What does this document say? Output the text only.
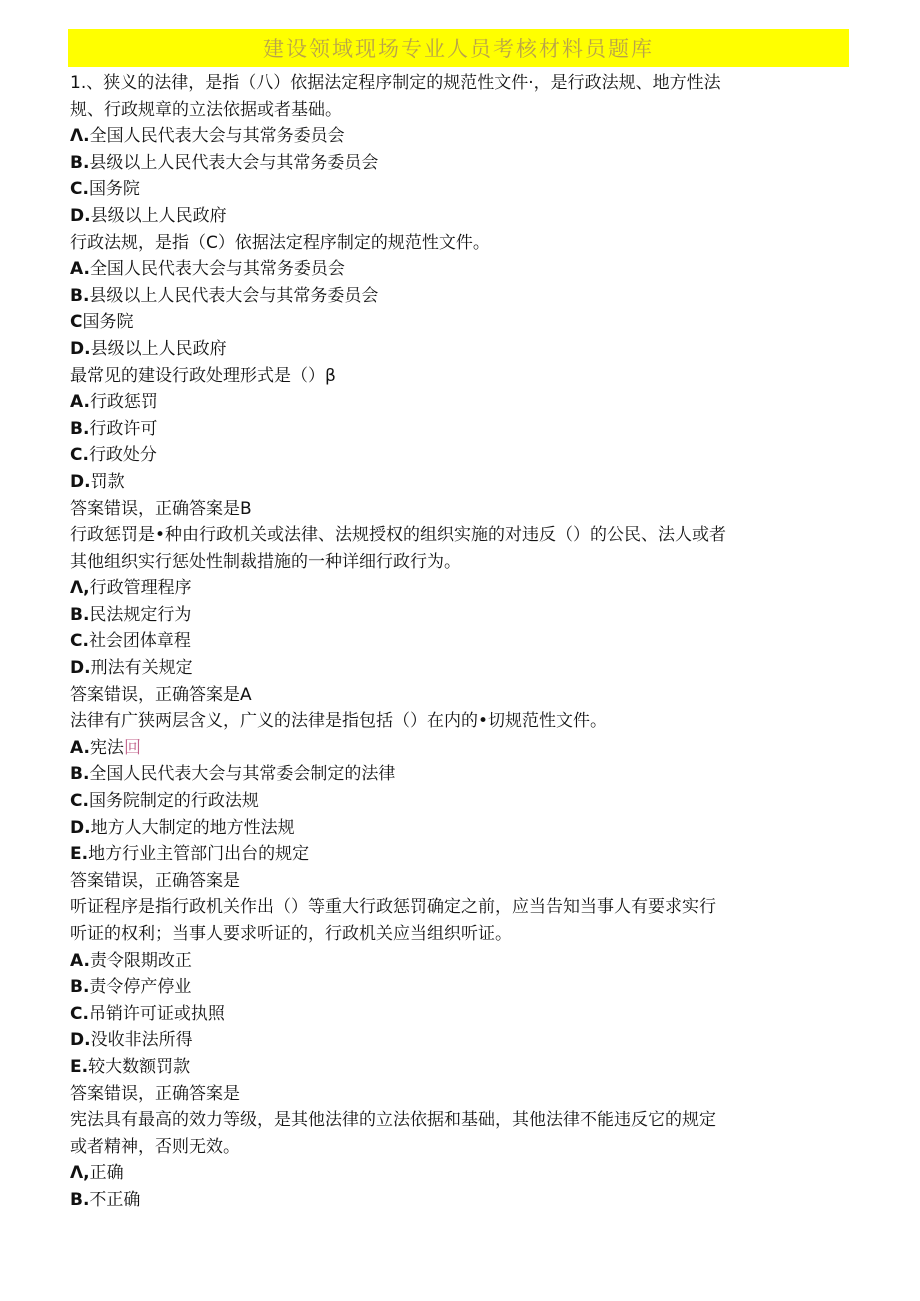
建设领域现场专业人员考核材料员题库
1.、狭义的法律，是指（八）依据法定程序制定的规范性文件·，是行政法规、地方性法
规、行政规章的立法依据或者基础。
Λ.全国人民代表大会与其常务委员会
B.县级以上人民代表大会与其常务委员会
C.国务院
D.县级以上人民政府
行政法规，是指（C）依据法定程序制定的规范性文件。
A.全国人民代表大会与其常务委员会
B.县级以上人民代表大会与其常务委员会
C国务院
D.县级以上人民政府
最常见的建设行政处理形式是（）β
A.行政惩罚
B.行政许可
C.行政处分
D.罚款
答案错误，正确答案是B
行政惩罚是•种由行政机关或法律、法规授权的组织实施的对违反（）的公民、法人或者
其他组织实行惩处性制裁措施的一种详细行政行为。
Λ,行政管理程序
B.民法规定行为
C.社会团体章程
D.刑法有关规定
答案错误，正确答案是A
法律有广狭两层含义，广义的法律是指包括（）在内的•切规范性文件。
A.宪法回
B.全国人民代表大会与其常委会制定的法律
C.国务院制定的行政法规
D.地方人大制定的地方性法规
E.地方行业主管部门出台的规定
答案错误，正确答案是
听证程序是指行政机关作出（）等重大行政惩罚确定之前，应当告知当事人有要求实行
听证的权利；当事人要求听证的，行政机关应当组织听证。
A.责令限期改正
B.责令停产停业
C.吊销许可证或执照
D.没收非法所得
E.较大数额罚款
答案错误，正确答案是
宪法具有最高的效力等级，是其他法律的立法依据和基础，其他法律不能违反它的规定
或者精神，否则无效。
Λ,正确
B.不正确
